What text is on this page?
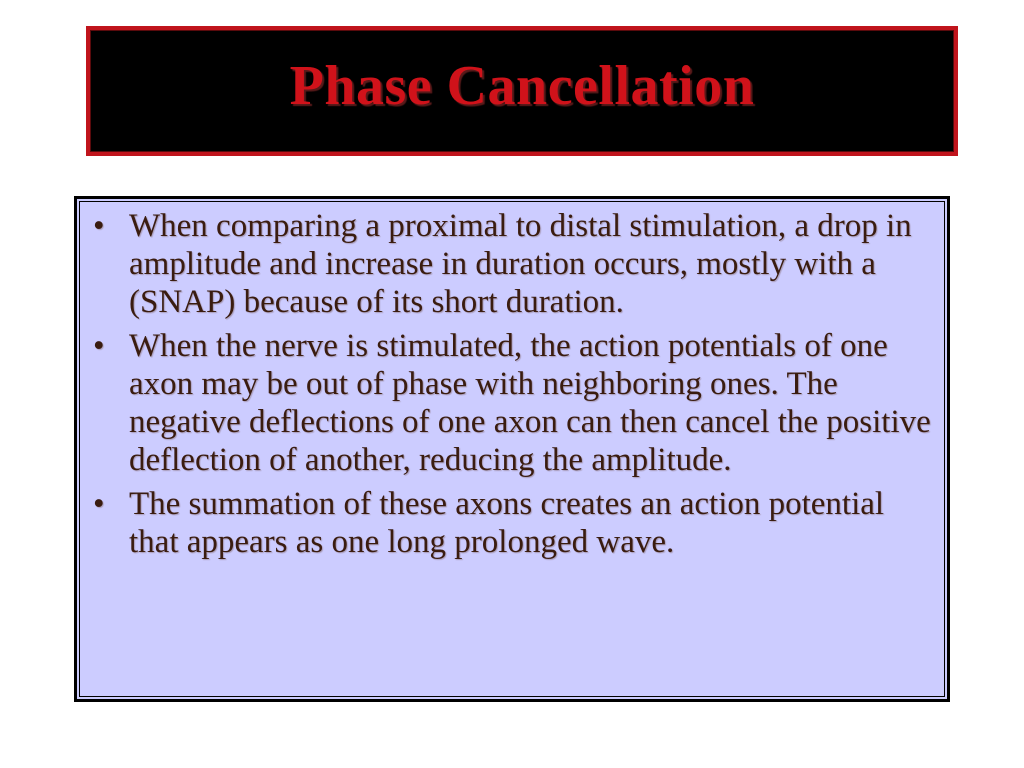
Phase Cancellation
• When comparing a proximal to distal stimulation, a drop in amplitude and increase in duration occurs, mostly with a (SNAP) because of its short duration.
• When the nerve is stimulated, the action potentials of one axon may be out of phase with neighboring ones. The negative deflections of one axon can then cancel the positive deflection of another, reducing the amplitude.
• The summation of these axons creates an action potential that appears as one long prolonged wave.
